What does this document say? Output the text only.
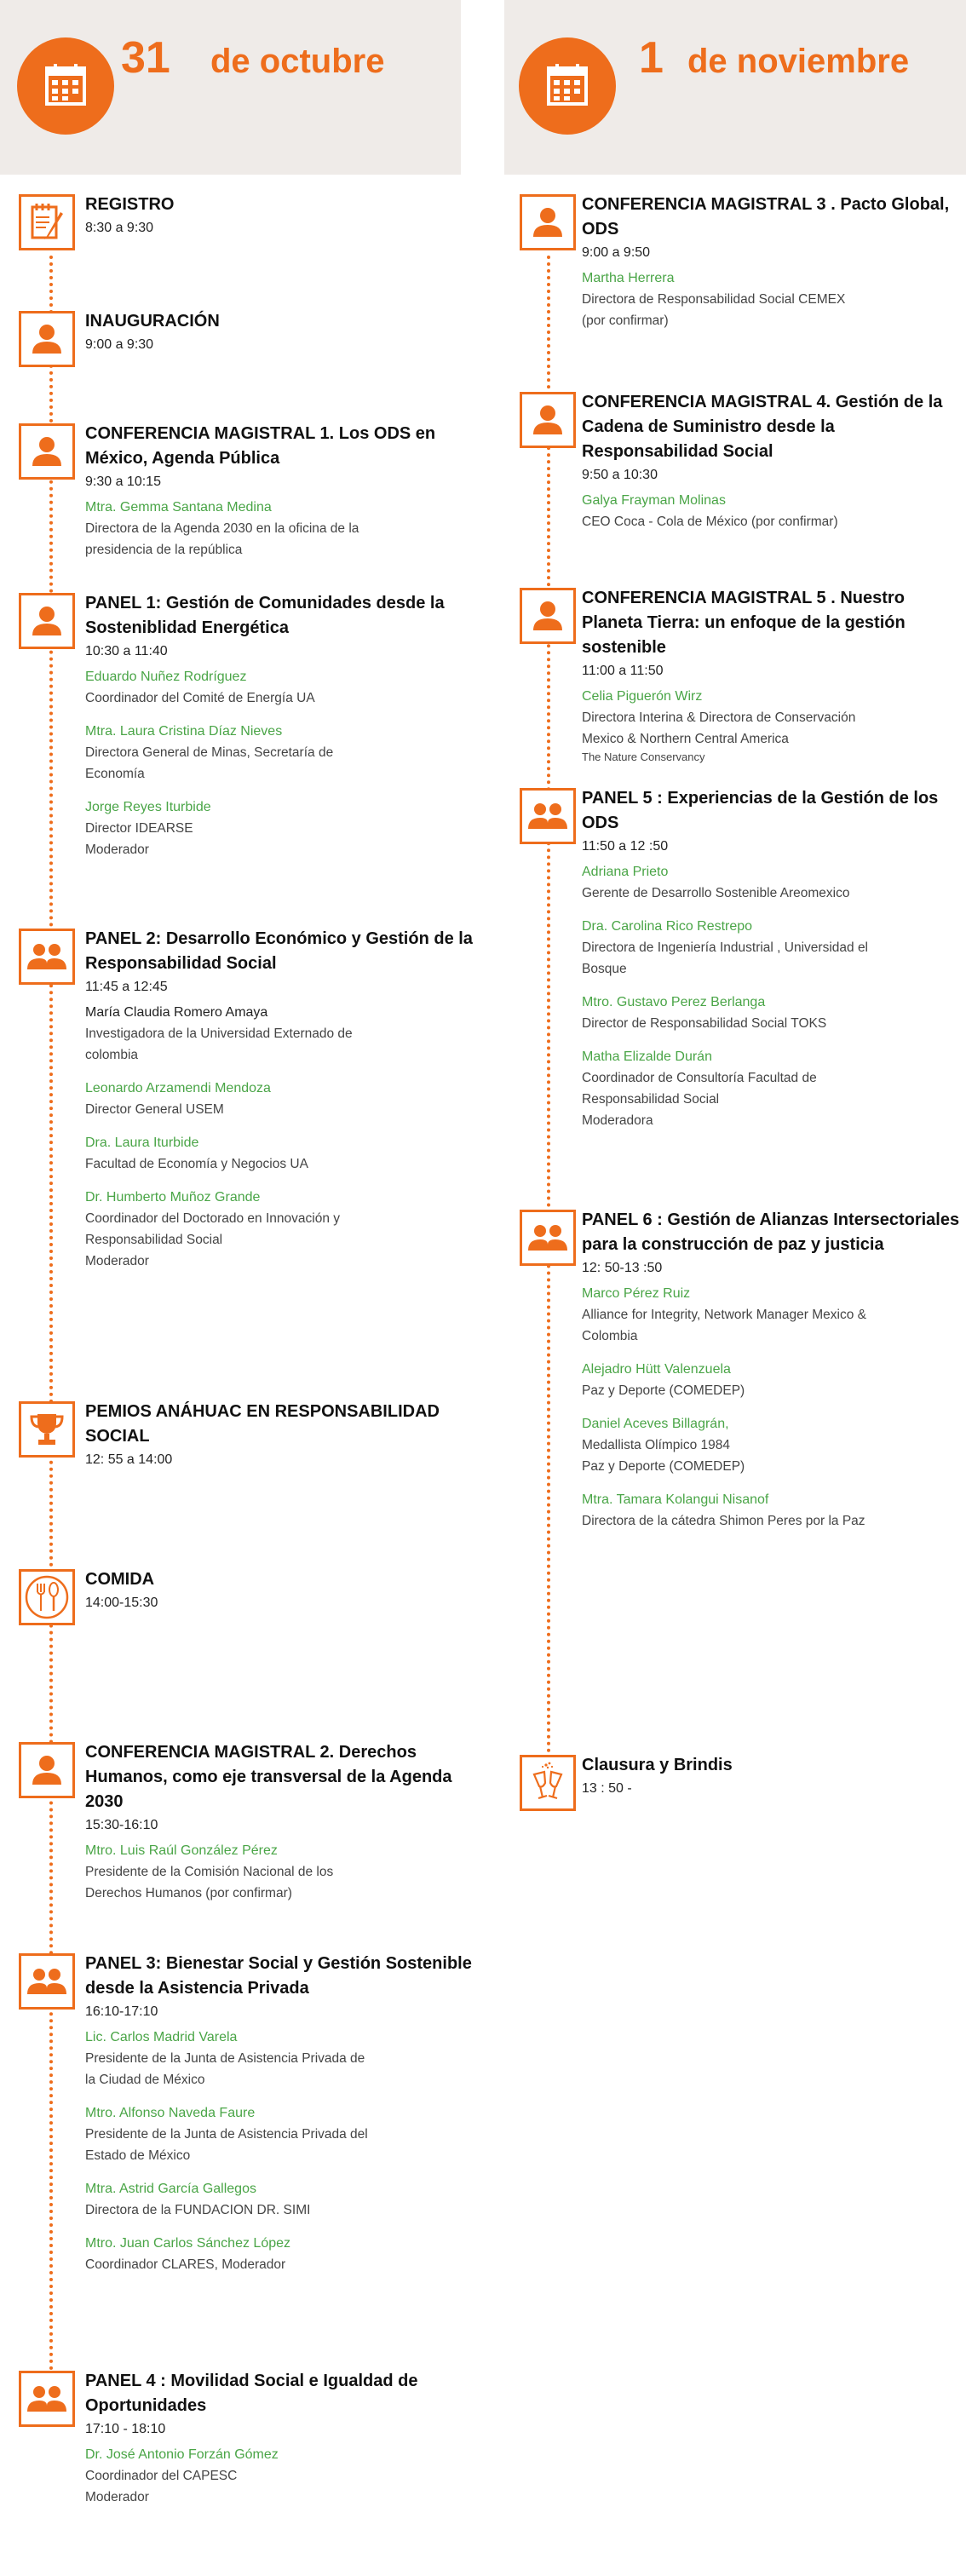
31 de octubre	1 de noviembre
REGISTRO
8:30 a 9:30
INAUGURACIÓN
9:00 a 9:30
CONFERENCIA MAGISTRAL 1. Los ODS en México, Agenda Pública
9:30 a 10:15
Mtra. Gemma Santana Medina
Directora de la Agenda 2030 en la oficina de la
presidencia de la república
PANEL 1: Gestión de Comunidades desde la Sosteniblidad Energética
10:30 a 11:40
Eduardo Nuñez Rodríguez
Coordinador del Comité de Energía UA
Mtra. Laura Cristina Díaz Nieves
Directora General de Minas, Secretaría de
Economía
Jorge Reyes Iturbide
Director IDEARSE
Moderador
PANEL 2: Desarrollo Económico y Gestión de la Responsabilidad Social
11:45 a 12:45
María Claudia Romero Amaya
Investigadora de la Universidad Externado de
colombia
Leonardo Arzamendi Mendoza
Director General USEM
Dra. Laura Iturbide
Facultad de Economía y Negocios UA
Dr. Humberto Muñoz Grande
Coordinador del Doctorado en Innovación y
Responsabilidad Social
Moderador
PEMIOS ANÁHUAC EN RESPONSABILIDAD SOCIAL
12: 55 a 14:00
COMIDA
14:00-15:30
CONFERENCIA MAGISTRAL 2. Derechos Humanos, como eje transversal de la Agenda 2030
15:30-16:10
Mtro. Luis Raúl González Pérez
Presidente de la Comisión Nacional de los
Derechos Humanos (por confirmar)
PANEL 3: Bienestar Social y Gestión Sostenible desde la Asistencia Privada
16:10-17:10
Lic. Carlos Madrid Varela
Presidente de la Junta de Asistencia Privada de
la Ciudad de México
Mtro. Alfonso Naveda Faure
Presidente de la Junta de Asistencia Privada del
Estado de México
Mtra. Astrid García Gallegos
Directora de la FUNDACION DR. SIMI
Mtro. Juan Carlos Sánchez López
Coordinador CLARES, Moderador
PANEL 4 : Movilidad Social e Igualdad de Oportunidades
17:10 - 18:10
Dr. José Antonio Forzán Gómez
Coordinador del CAPESC
Moderador
CONFERENCIA MAGISTRAL 3 . Pacto Global, ODS
9:00 a 9:50
Martha Herrera
Directora de Responsabilidad Social CEMEX
(por confirmar)
CONFERENCIA MAGISTRAL 4. Gestión de la Cadena de Suministro desde la Responsabilidad Social
9:50 a 10:30
Galya Frayman Molinas
CEO Coca - Cola de México (por confirmar)
CONFERENCIA MAGISTRAL 5 . Nuestro Planeta Tierra: un enfoque de la gestión sostenible
11:00 a 11:50
Celia Piguerón Wirz
Directora Interina & Directora de Conservación
Mexico & Northern Central America
The Nature Conservancy
PANEL 5 : Experiencias de la Gestión de los ODS
11:50 a 12 :50
Adriana Prieto
Gerente de Desarrollo Sostenible Areomexico
Dra. Carolina Rico Restrepo
Directora de Ingeniería Industrial , Universidad el
Bosque
Mtro. Gustavo Perez Berlanga
Director de Responsabilidad Social TOKS
Matha Elizalde Durán
Coordinador de Consultoría Facultad de
Responsabilidad Social
Moderadora
PANEL 6 : Gestión de Alianzas Intersectoriales para la construcción de paz y justicia
12: 50-13 :50
Marco Pérez Ruiz
Alliance for Integrity, Network Manager Mexico &
Colombia
Alejadro Hütt Valenzuela
Paz y Deporte (COMEDEP)
Daniel Aceves Billagrán,
Medallista Olímpico 1984
Paz y Deporte (COMEDEP)
Mtra. Tamara Kolangui Nisanof
Directora de la cátedra Shimon Peres por la Paz
Clausura y Brindis
13 : 50 -
